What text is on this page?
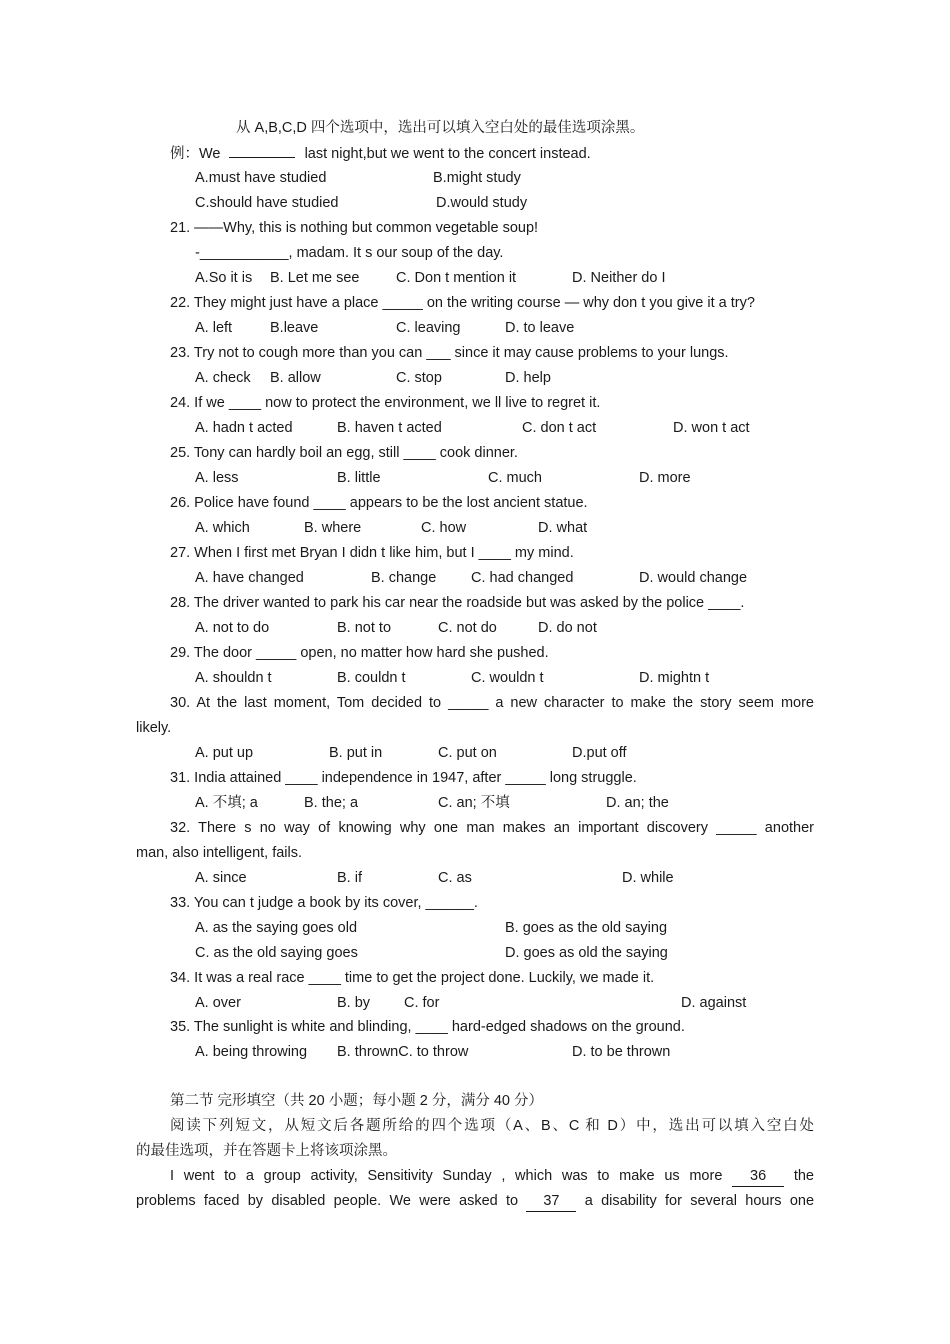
从 A,B,C,D 四个选项中，选出可以填入空白处的最佳选项涂黑。
例：We	last night,but we went to the concert instead.
A.must have studied	B.might study
C.should have studied	D.would study
21. ——Why, this is nothing but common vegetable soup!
-___________, madam. It s our soup of the day.
A.So it is B. Let me see	C. Don t mention it	D. Neither do I
22. They might just have a place _____ on the writing course — why don t you give it a try?
A. left	B.leave	C. leaving	D. to leave
23. Try not to cough more than you can ___ since it may cause problems to your lungs.
A. check B. allow	C. stop	D. help
24. If we ____ now to protect the environment, we ll live to regret it.
A. hadn t acted	B. haven t acted	C. don t act	D. won t act
25. Tony can hardly boil an egg, still ____ cook dinner.
A. less	B. little	C. much	D. more
26. Police have found ____ appears to be the lost ancient statue.
A. which	B. where	C. how	D. what
27. When I first met Bryan I didn t like him, but I ____ my mind.
A. have changed	B. change C. had changed	D. would change
28. The driver wanted to park his car near the roadside but was asked by the police ____.
A. not to do	B. not to	C. not do	D. do not
29. The door _____ open, no matter how hard she pushed.
A. shouldn t	B. couldn t	C. wouldn t	D. mightn t
30. At the last moment, Tom decided to _____ a new character to make the story seem more
likely.
A. put up	B. put in	C. put on	D.put off
31. India attained ____ independence in 1947, after _____ long struggle.
A. 不填; a	B. the; a	C. an; 不填	D. an; the
32. There s no way of knowing why one man makes an important discovery _____ another
man, also intelligent, fails.
A. since	B. if	C. as	D. while
33. You can t judge a book by its cover, ______.
A. as the saying goes old	B. goes as the old saying
C. as the old saying goes	D. goes as old the saying
34. It was a real race ____ time to get the project done. Luckily, we made it.
A. over	B. by C. for	D. against
35. The sunlight is white and blinding, ____ hard-edged shadows on the ground.
A. being throwing B. thrownC. to throw	D. to be thrown
第二节 完形填空（共 20 小题；每小题 2 分，满分 40 分）
阅读下列短文，从短文后各题所给的四个选项（A、B、C 和 D）中，选出可以填入空白处
的最佳选项，并在答题卡上将该项涂黑。
I went to a group activity, Sensitivity Sunday , which was to make us more 36 the
problems faced by disabled people. We were asked to 37 a disability for several hours one
